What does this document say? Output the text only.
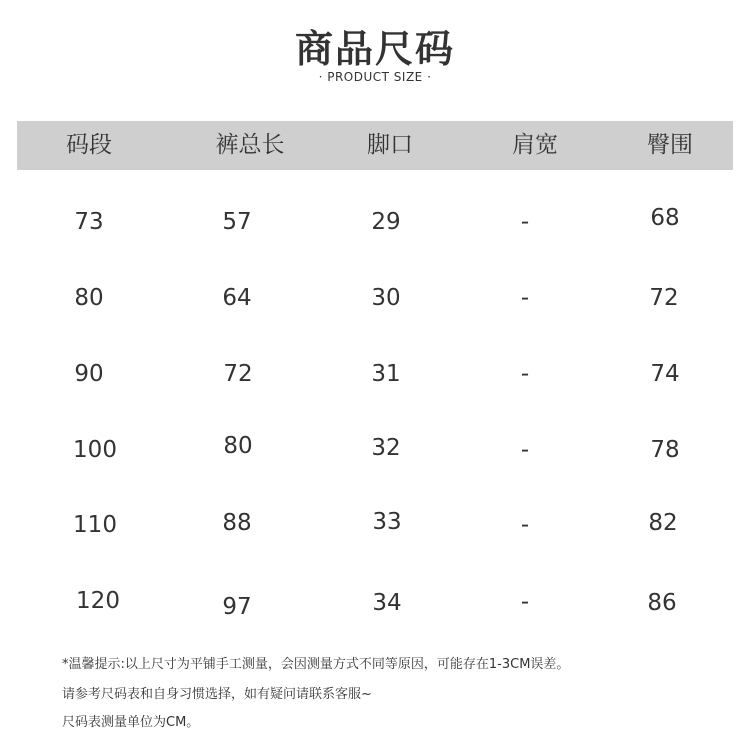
商品尺码
· PRODUCT SIZE ·
码段	裤总长	脚口	肩宽	臀围
73	57	29	-	68
80	64	30	-	72
90	72	31	-	74
100	80	32	-	78
110	88	33	-	82
120	97	34	-	86
*温馨提示:以上尺寸为平铺手工测量，会因测量方式不同等原因，可能存在1-3CM误差。
请参考尺码表和自身习惯选择，如有疑问请联系客服~
尺码表测量单位为CM。
